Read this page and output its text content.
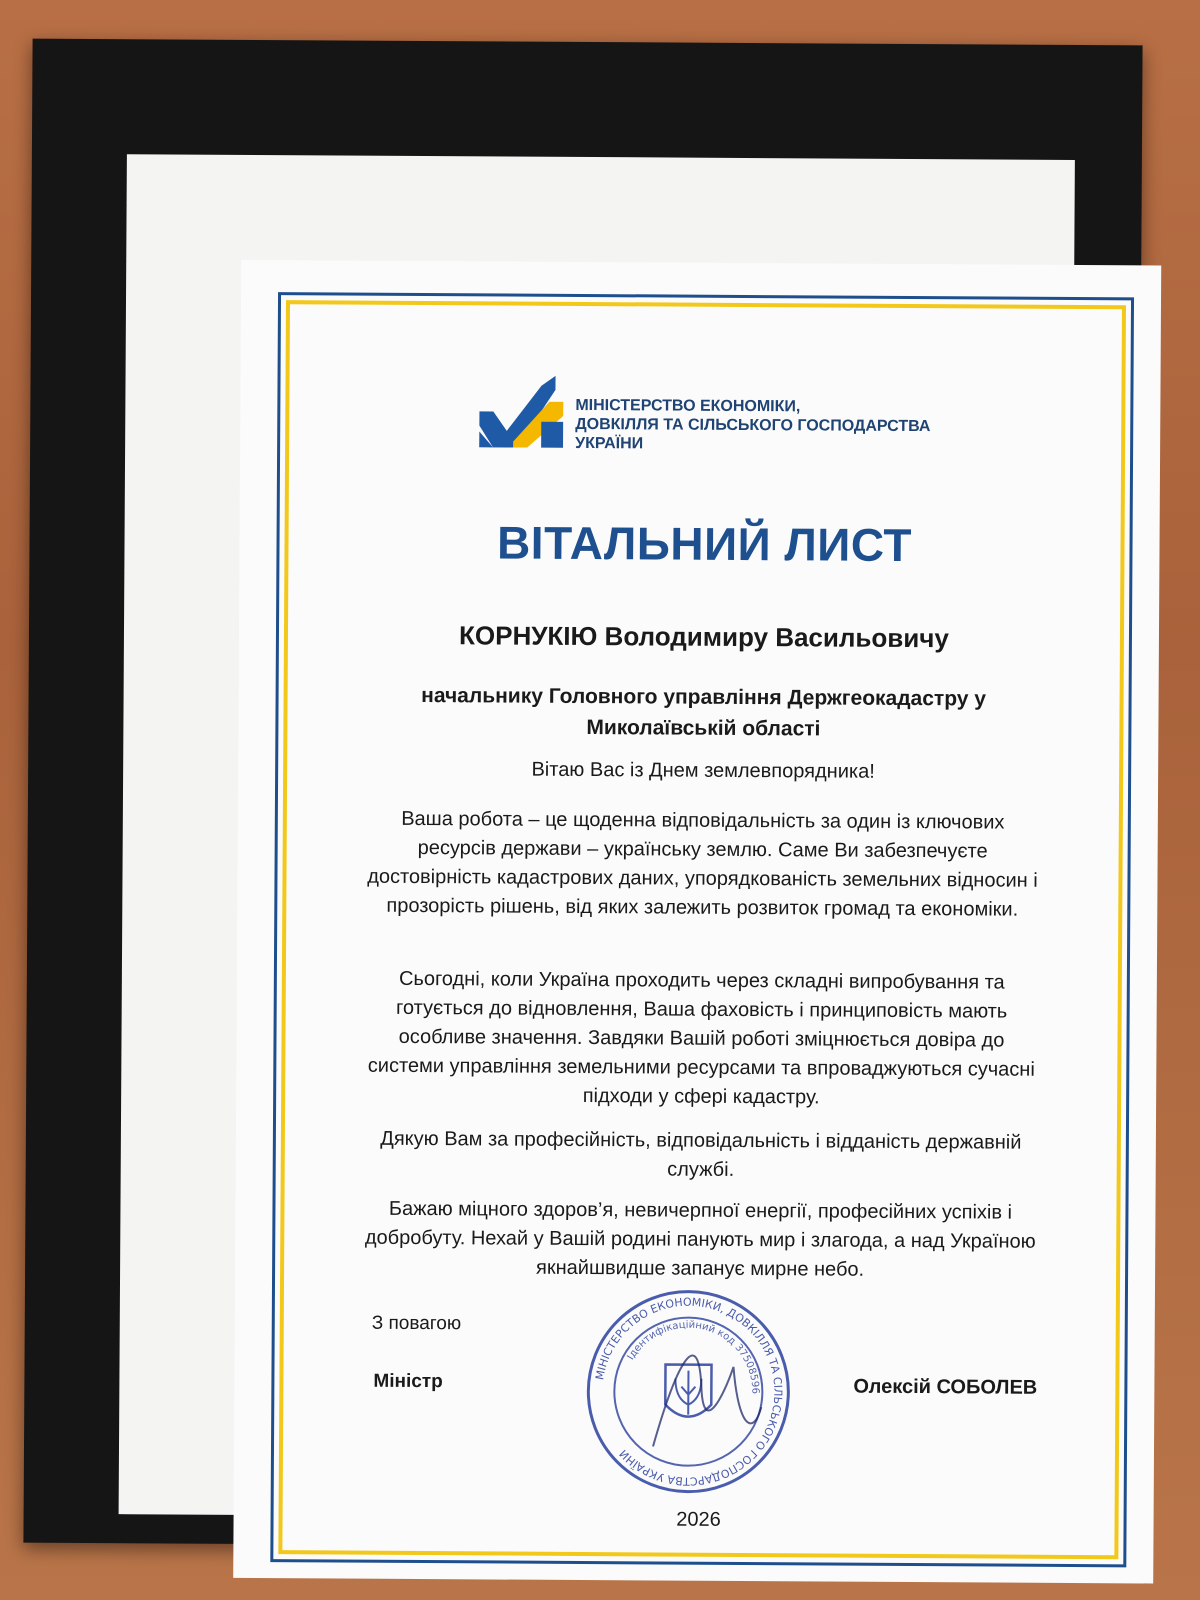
МІНІСТЕРСТВО ЕКОНОМІКИ,
ДОВКІЛЛЯ ТА СІЛЬСЬКОГО ГОСПОДАРСТВА
УКРАЇНИ
ВІТАЛЬНИЙ ЛИСТ
КОРНУКІЮ Володимиру Васильовичу
начальнику Головного управління Держгеокадастру у Миколаївській області
Вітаю Вас із Днем землевпорядника!
Ваша робота – це щоденна відповідальність за один із ключових ресурсів держави – українську землю. Саме Ви забезпечуєте достовірність кадастрових даних, упорядкованість земельних відносин і прозорість рішень, від яких залежить розвиток громад та економіки.
Сьогодні, коли Україна проходить через складні випробування та готується до відновлення, Ваша фаховість і принциповість мають особливе значення. Завдяки Вашій роботі зміцнюється довіра до системи управління земельними ресурсами та впроваджуються сучасні підходи у сфері кадастру.
Дякую Вам за професійність, відповідальність і відданість державній службі.
Бажаю міцного здоров’я, невичерпної енергії, професійних успіхів і добробуту. Нехай у Вашій родині панують мир і злагода, а над Україною якнайшвидше запанує мирне небо.
З повагою
Міністр	Олексій СОБОЛЕВ
МІНІСТЕРСТВО ЕКОНОМІКИ, ДОВКІЛЛЯ ТА СІЛЬСЬКОГО ГОСПОДАРСТВА УКРАЇНИ
Ідентифікаційний код 37508596
2026
